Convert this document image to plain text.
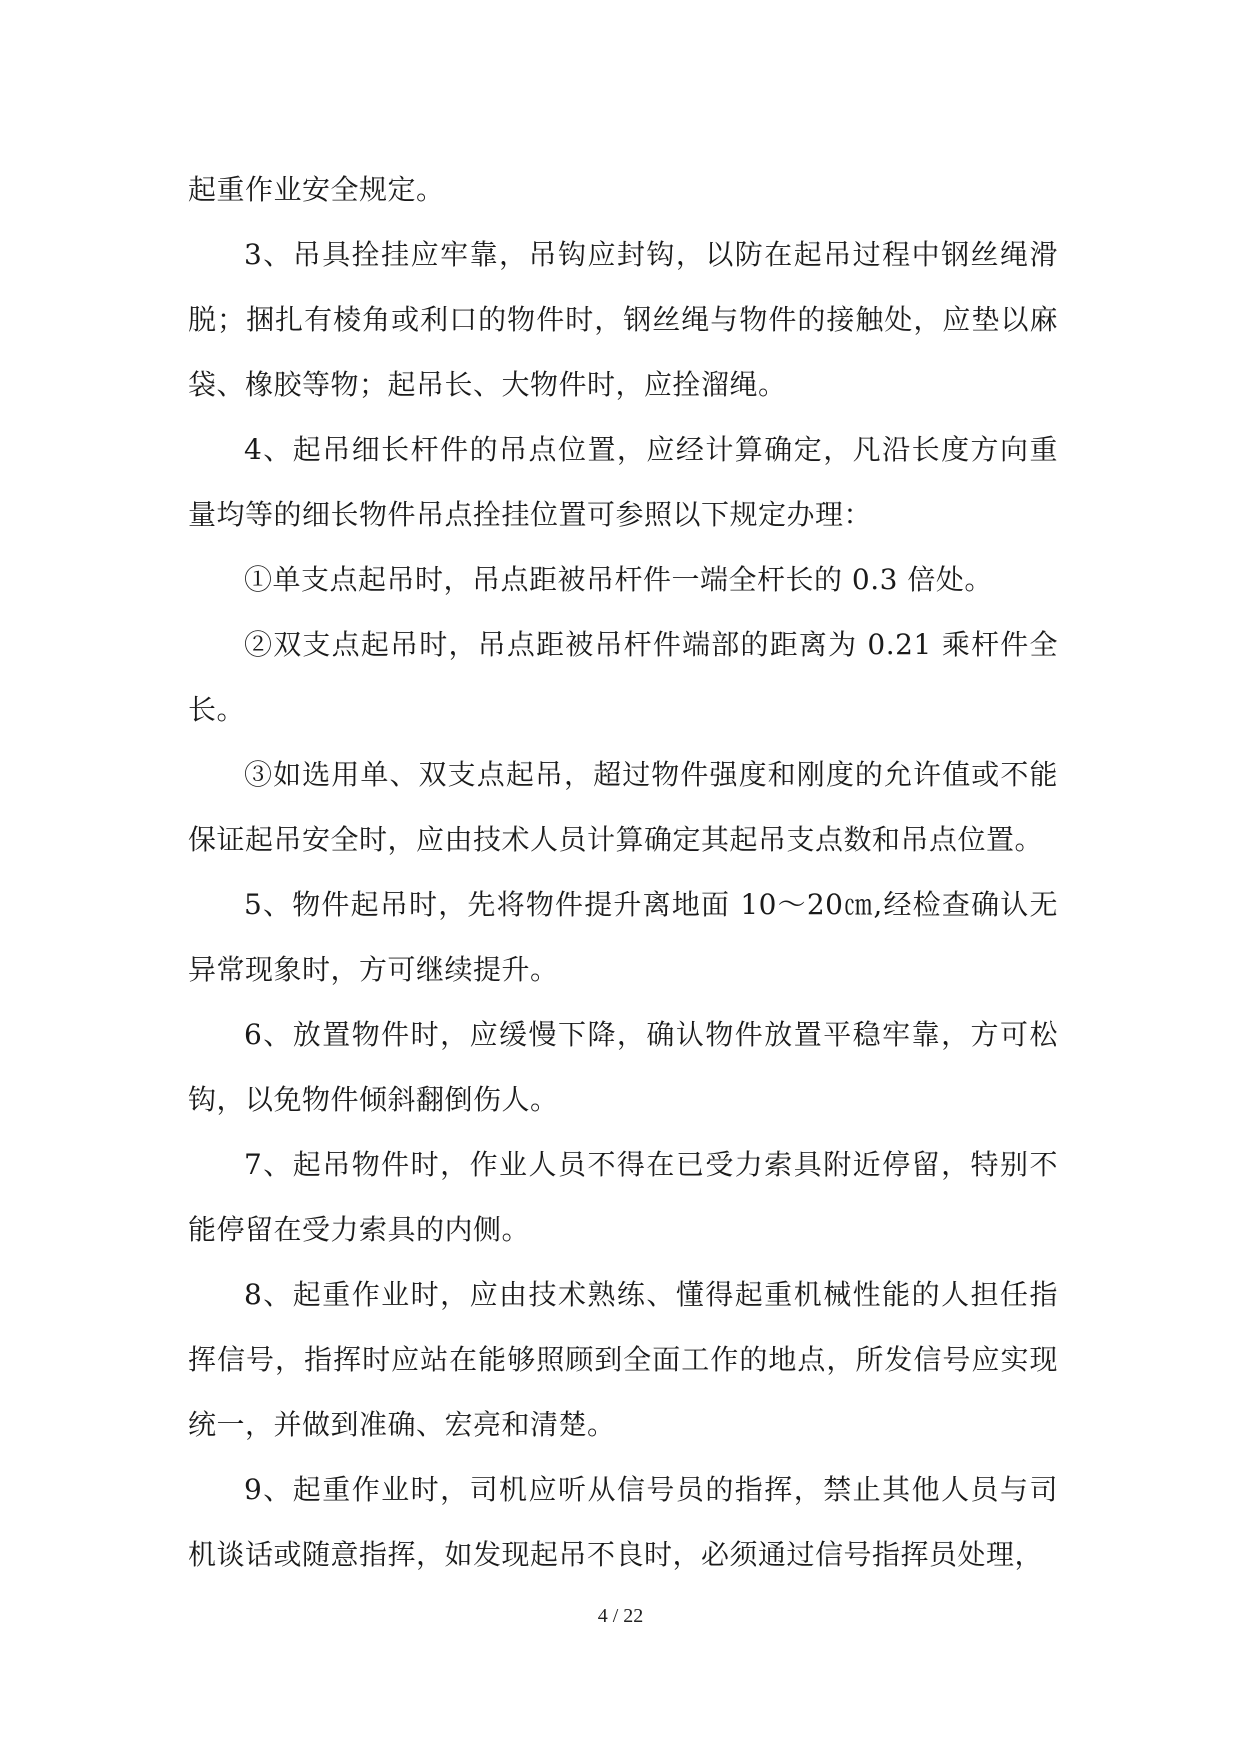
起重作业安全规定。

3、吊具拴挂应牢靠，吊钩应封钩，以防在起吊过程中钢丝绳滑脱；捆扎有棱角或利口的物件时，钢丝绳与物件的接触处，应垫以麻袋、橡胶等物；起吊长、大物件时，应拴溜绳。

4、起吊细长杆件的吊点位置，应经计算确定，凡沿长度方向重量均等的细长物件吊点拴挂位置可参照以下规定办理：

①单支点起吊时，吊点距被吊杆件一端全杆长的 0.3 倍处。

②双支点起吊时，吊点距被吊杆件端部的距离为 0.21 乘杆件全长。

③如选用单、双支点起吊，超过物件强度和刚度的允许值或不能保证起吊安全时，应由技术人员计算确定其起吊支点数和吊点位置。

5、物件起吊时，先将物件提升离地面 10～20㎝,经检查确认无异常现象时，方可继续提升。

6、放置物件时，应缓慢下降，确认物件放置平稳牢靠，方可松钩，以免物件倾斜翻倒伤人。

7、起吊物件时，作业人员不得在已受力索具附近停留，特别不能停留在受力索具的内侧。

8、起重作业时，应由技术熟练、懂得起重机械性能的人担任指挥信号，指挥时应站在能够照顾到全面工作的地点，所发信号应实现统一，并做到准确、宏亮和清楚。

9、起重作业时，司机应听从信号员的指挥，禁止其他人员与司机谈话或随意指挥，如发现起吊不良时，必须通过信号指挥员处理，

4 / 22
